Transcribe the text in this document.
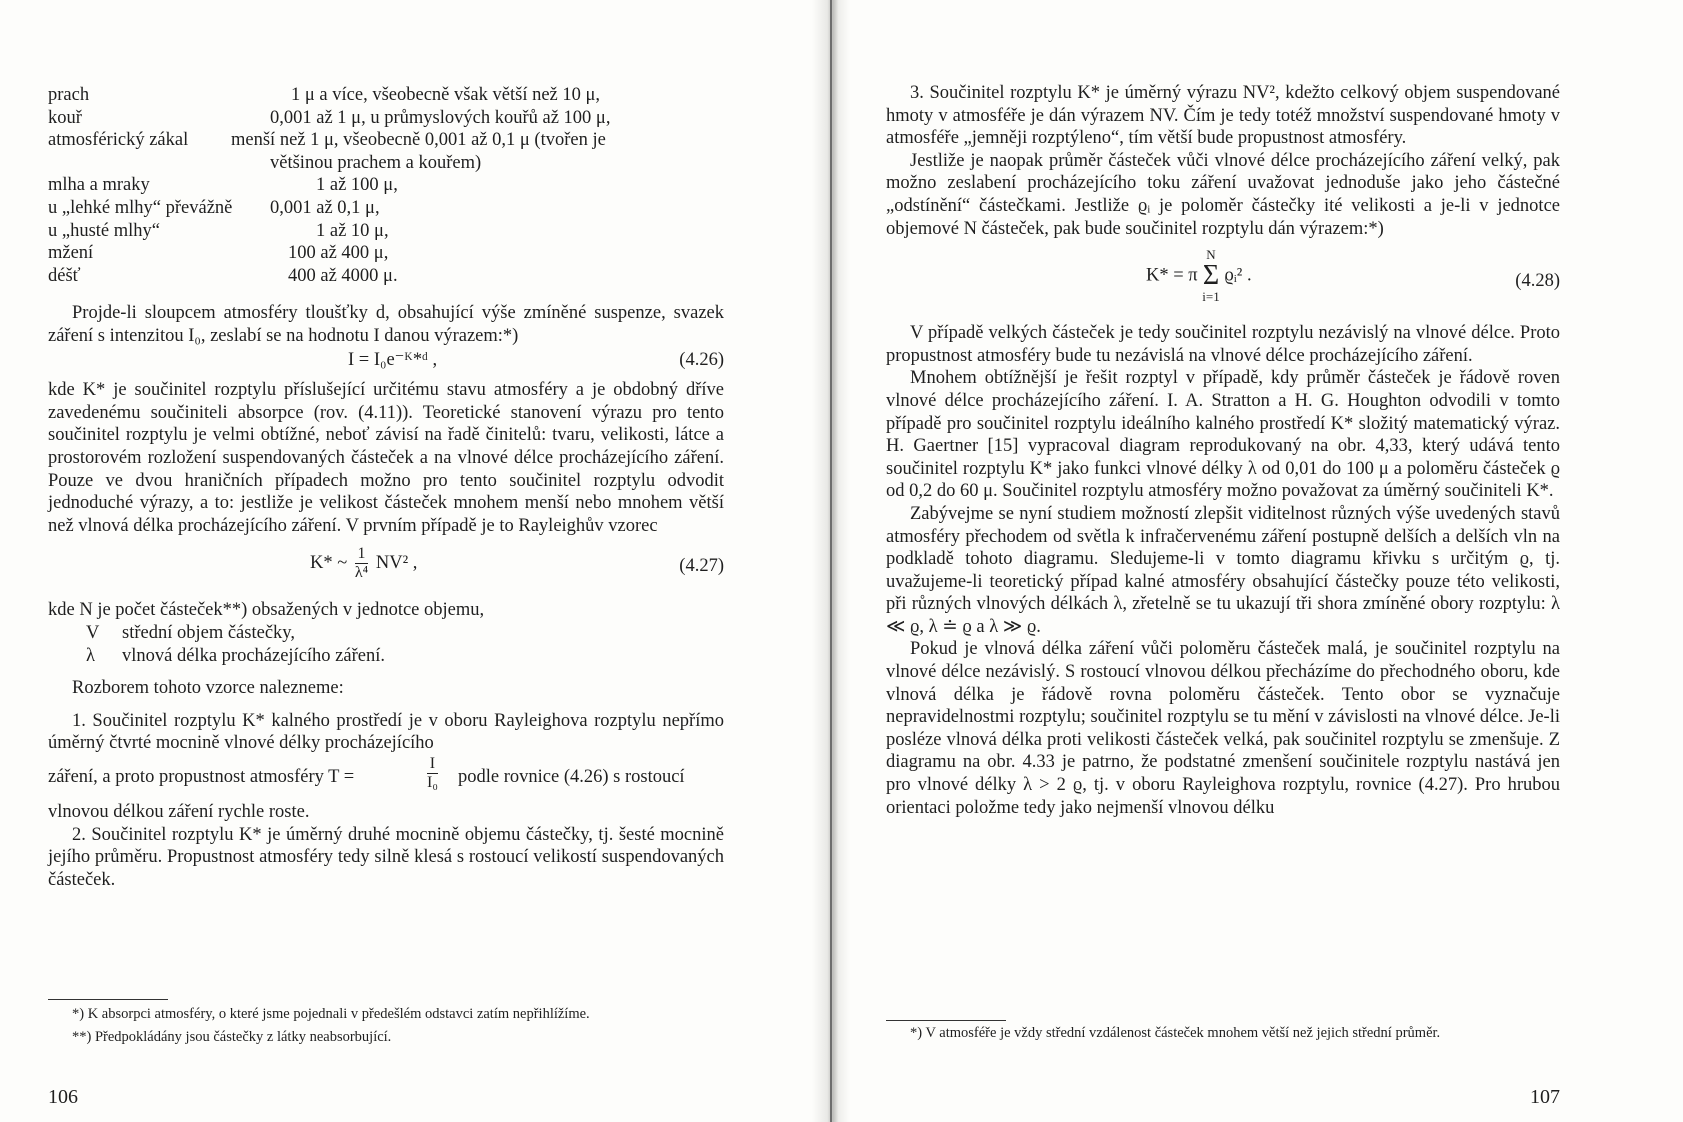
prach	1 μ a více, všeobecně však větší než 10 μ,
kouř	0,001 až 1 μ, u průmyslových kouřů až 100 μ,
atmosférický zákal menší než 1 μ, všeobecně 0,001 až 0,1 μ (tvořen je
většinou prachem a kouřem)
mlha a mraky	1 až 100 μ,
u „lehké mlhy“ převážně 0,001 až 0,1 μ,
u „husté mlhy“	1 až 10 μ,
mžení	100 až 400 μ,
déšť	400 až 4000 μ.

Projde-li sloupcem atmosféry tloušťky d, obsahující výše zmíněné suspenze, svazek záření s intenzitou I₀, zeslabí se na hodnotu I danou výrazem:*)

I = I₀e⁻ᴷ*ᵈ ,	(4.26)

kde K* je součinitel rozptylu příslušející určitému stavu atmosféry a je obdobný dříve zavedenému součiniteli absorpce (rov. (4.11)). Teoretické stanovení výrazu pro tento součinitel rozptylu je velmi obtížné, neboť závisí na řadě činitelů: tvaru, velikosti, látce a prostorovém rozložení suspendovaných částeček a na vlnové délce procházejícího záření. Pouze ve dvou hraničních případech možno pro tento součinitel rozptylu odvodit jednoduché výrazy, a to: jestliže je velikost částeček mnohem menší nebo mnohem větší než vlnová délka procházejícího záření. V prvním případě je to Rayleighův vzorec

K* ~ $\frac{1}{\text{λ⁴}} NV^2$ ,	(4.27)
kde N je počet částeček**) obsažených v jednotce objemu,
V střední objem částečky,
λ vlnová délka procházejícího záření.

Rozborem tohoto vzorce nalezneme:

1. Součinitel rozptylu K* kalného prostředí je v oboru Rayleighova rozptylu nepřímo úměrný čtvrté mocnině vlnové délky procházejícího

záření, a proto propustnost atmosféry T =	$\frac{I}{\text{I₀}}$ podle rovnice (4.26) s rostoucí

vlnovou délkou záření rychle roste.

2. Součinitel rozptylu K* je úměrný druhé mocnině objemu částečky, tj. šesté mocnině jejího průměru. Propustnost atmosféry tedy silně klesá s rostoucí velikostí suspendovaných částeček.

*) K absorpci atmosféry, o které jsme pojednali v předešlém odstavci zatím nepřihlížíme.

**) Předpokládány jsou částečky z látky neabsorbující.

106

3. Součinitel rozptylu K* je úměrný výrazu NV², kdežto celkový objem suspendované hmoty v atmosféře je dán výrazem NV. Čím je tedy totéž množství suspendované hmoty v atmosféře „jemněji rozptýleno“, tím větší bude propustnost atmosféry.

Jestliže je naopak průměr částeček vůči vlnové délce procházejícího záření velký, pak možno zeslabení procházejícího toku záření uvažovat jednoduše jako jeho částečné „odstínění“ částečkami. Jestliže ϱᵢ je poloměr částečky ité velikosti a je-li v jednotce objemové N částeček, pak bude součinitel rozptylu dán výrazem:*)

K* = π
N
Σ
i=1
ϱᵢ² .	(4.28)

V případě velkých částeček je tedy součinitel rozptylu nezávislý na vlnové délce. Proto propustnost atmosféry bude tu nezávislá na vlnové délce procházejícího záření.

Mnohem obtížnější je řešit rozptyl v případě, kdy průměr částeček je řádově roven vlnové délce procházejícího záření. I. A. Stratton a H. G. Houghton odvodili v tomto případě pro součinitel rozptylu ideálního kalného prostředí K* složitý matematický výraz. H. Gaertner [15] vypracoval diagram reprodukovaný na obr. 4,33, který udává tento součinitel rozptylu K* jako funkci vlnové délky λ od 0,01 do 100 μ a poloměru částeček ϱ od 0,2 do 60 μ. Součinitel rozptylu atmosféry možno považovat za úměrný součiniteli K*.

Zabývejme se nyní studiem možností zlepšit viditelnost různých výše uvedených stavů atmosféry přechodem od světla k infračervenému záření postupně delších a delších vln na podkladě tohoto diagramu. Sledujeme-li v tomto diagramu křivku s určitým ϱ, tj. uvažujeme-li teoretický případ kalné atmosféry obsahující částečky pouze této velikosti, při různých vlnových délkách λ, zřetelně se tu ukazují tři shora zmíněné obory rozptylu: λ ≪ ϱ, λ ≐ ϱ a λ ≫ ϱ.

Pokud je vlnová délka záření vůči poloměru částeček malá, je součinitel rozptylu na vlnové délce nezávislý. S rostoucí vlnovou délkou přecházíme do přechodného oboru, kde vlnová délka je řádově rovna poloměru částeček. Tento obor se vyznačuje nepravidelnostmi rozptylu; součinitel rozptylu se tu mění v závislosti na vlnové délce. Je-li posléze vlnová délka proti velikosti částeček velká, pak součinitel rozptylu se zmenšuje. Z diagramu na obr. 4.33 je patrno, že podstatné zmenšení součinitele rozptylu nastává jen pro vlnové délky λ > 2 ϱ, tj. v oboru Rayleighova rozptylu, rovnice (4.27). Pro hrubou orientaci položme tedy jako nejmenší vlnovou délku

*) V atmosféře je vždy střední vzdálenost částeček mnohem větší než jejich střední průměr.

107
